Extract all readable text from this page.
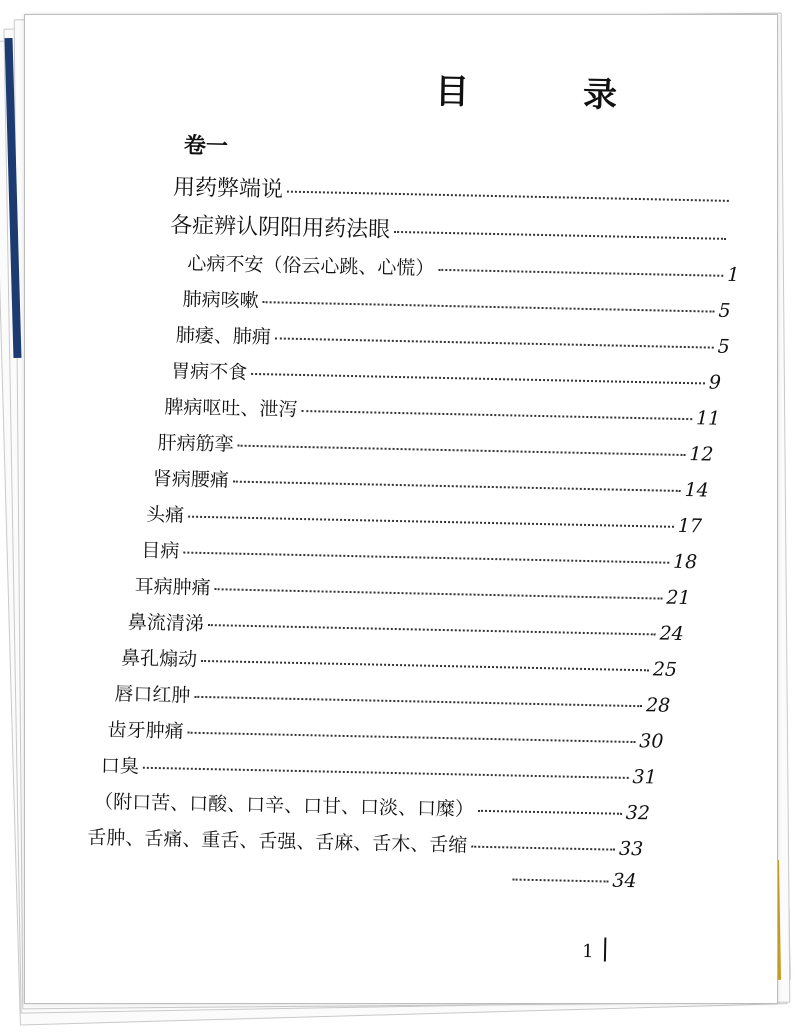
目　录
卷一
用药弊端说
各症辨认阴阳用药法眼
心病不安（俗云心跳、心慌）	1
肺病咳嗽	5
肺痿、肺痈	5
胃病不食	9
脾病呕吐、泄泻	11
肝病筋挛	12
肾病腰痛	14
头痛	17
目病	18
耳病肿痛	21
鼻流清涕	24
鼻孔煽动	25
唇口红肿	28
齿牙肿痛	30
口臭	31
（附口苦、口酸、口辛、口甘、口淡、口糜）	32
舌肿、舌痛、重舌、舌强、舌麻、舌木、舌缩	33
34
1
